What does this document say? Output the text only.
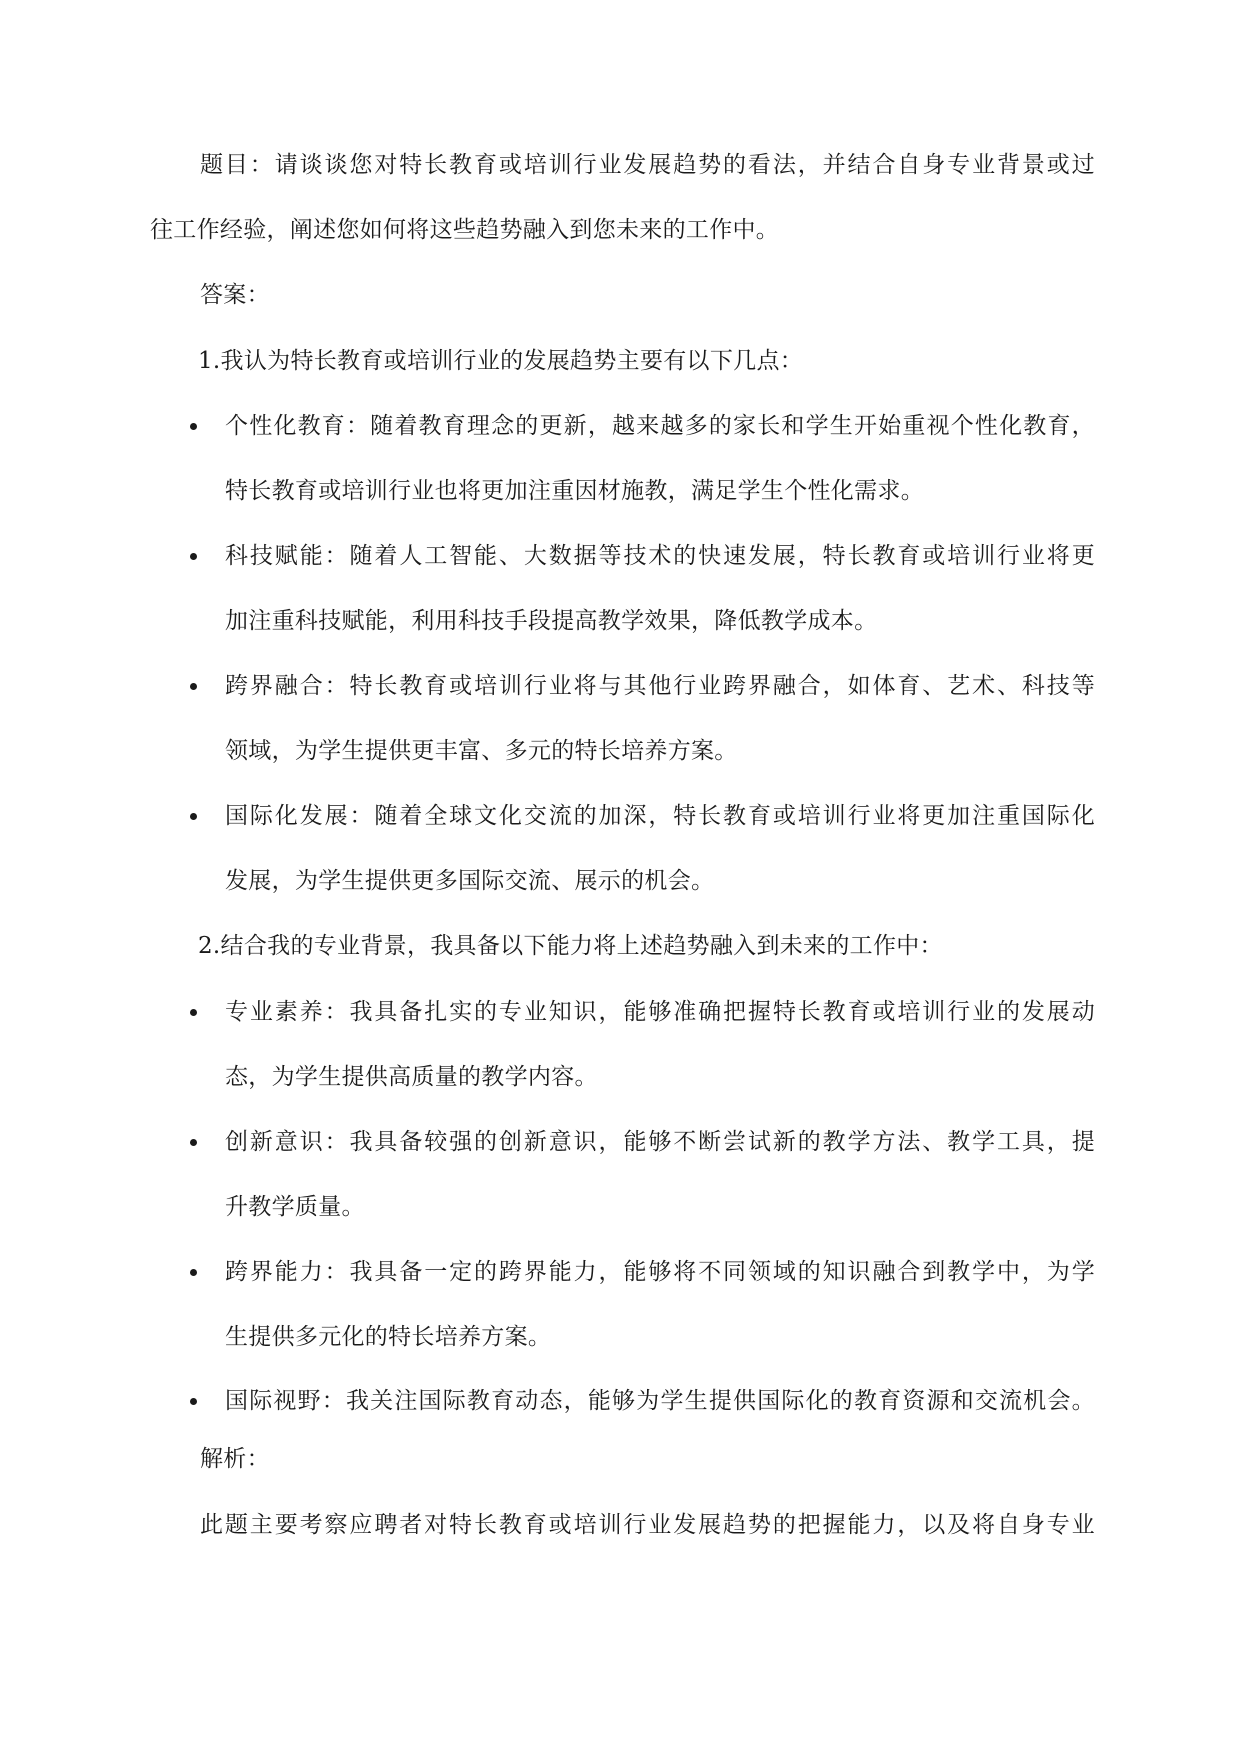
题目：请谈谈您对特长教育或培训行业发展趋势的看法，并结合自身专业背景或过
往工作经验，阐述您如何将这些趋势融入到您未来的工作中。
答案：
1.我认为特长教育或培训行业的发展趋势主要有以下几点：
个性化教育：随着教育理念的更新，越来越多的家长和学生开始重视个性化教育，
特长教育或培训行业也将更加注重因材施教，满足学生个性化需求。
科技赋能：随着人工智能、大数据等技术的快速发展，特长教育或培训行业将更
加注重科技赋能，利用科技手段提高教学效果，降低教学成本。
跨界融合：特长教育或培训行业将与其他行业跨界融合，如体育、艺术、科技等
领域，为学生提供更丰富、多元的特长培养方案。
国际化发展：随着全球文化交流的加深，特长教育或培训行业将更加注重国际化
发展，为学生提供更多国际交流、展示的机会。
2.结合我的专业背景，我具备以下能力将上述趋势融入到未来的工作中：
专业素养：我具备扎实的专业知识，能够准确把握特长教育或培训行业的发展动
态，为学生提供高质量的教学内容。
创新意识：我具备较强的创新意识，能够不断尝试新的教学方法、教学工具，提
升教学质量。
跨界能力：我具备一定的跨界能力，能够将不同领域的知识融合到教学中，为学
生提供多元化的特长培养方案。
国际视野：我关注国际教育动态，能够为学生提供国际化的教育资源和交流机会。
解析：
此题主要考察应聘者对特长教育或培训行业发展趋势的把握能力，以及将自身专业
